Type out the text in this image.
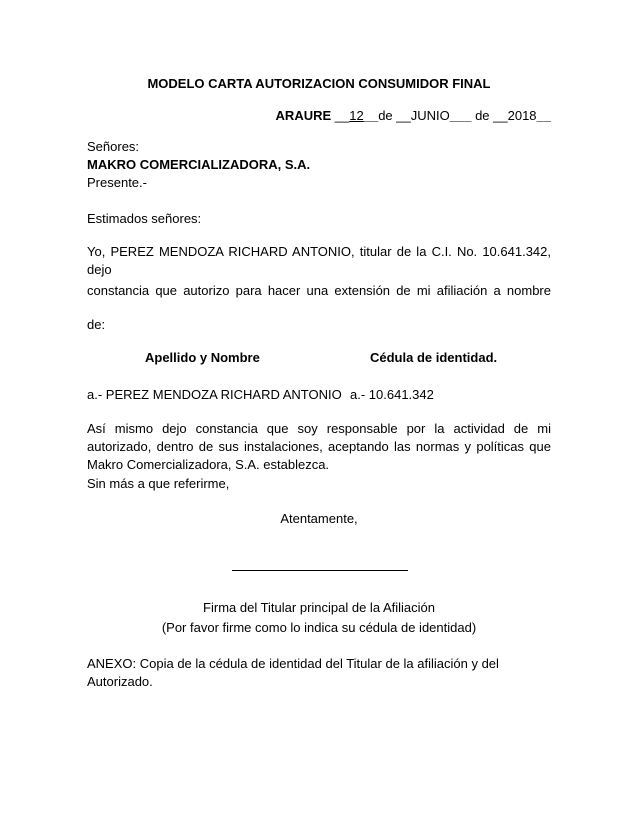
MODELO CARTA AUTORIZACION CONSUMIDOR FINAL
ARAURE __12__de __JUNIO___ de __2018__
Señores:
MAKRO COMERCIALIZADORA, S.A.
Presente.-
Estimados señores:
Yo, PEREZ MENDOZA RICHARD ANTONIO, titular de la C.I. No. 10.641.342, dejo
constancia que autorizo para hacer una extensión de mi afiliación a nombre
de:
Apellido y Nombre	Cédula de identidad.
a.- PEREZ MENDOZA RICHARD ANTONIO a.- 10.641.342
Así mismo dejo constancia que soy responsable por la actividad de mi
autorizado, dentro de sus instalaciones, aceptando las normas y políticas que
Makro Comercializadora, S.A. establezca.
Sin más a que referirme,
Atentamente,
Firma del Titular principal de la Afiliación
(Por favor firme como lo indica su cédula de identidad)
ANEXO: Copia de la cédula de identidad del Titular de la afiliación y del
Autorizado.
